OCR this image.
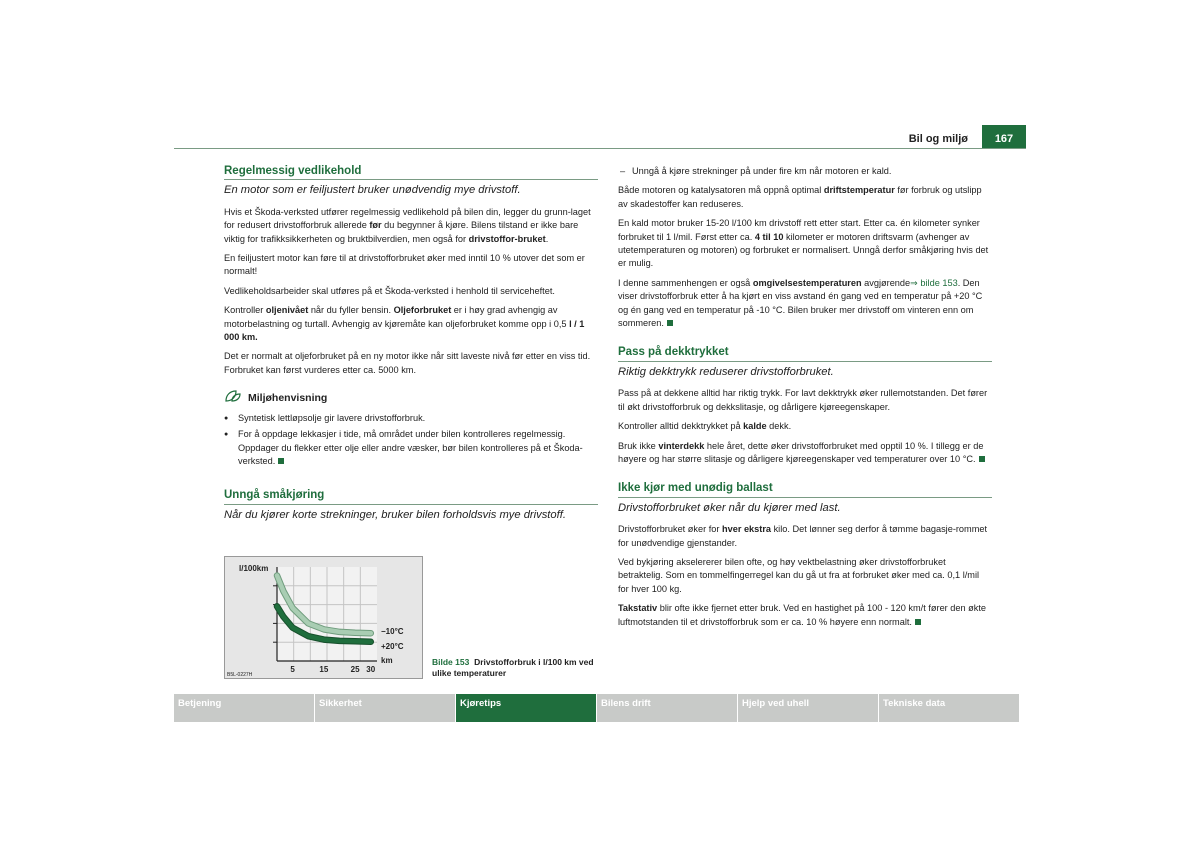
Bil og miljø	167
Regelmessig vedlikehold
En motor som er feiljustert bruker unødvendig mye drivstoff.

Hvis et Škoda-verksted utfører regelmessig vedlikehold på bilen din, legger du grunn-laget for redusert drivstofforbruk allerede før du begynner å kjøre. Bilens tilstand er ikke bare viktig for trafikksikkerheten og bruktbilverdien, men også for drivstoffor-bruket.

En feiljustert motor kan føre til at drivstofforbruket øker med inntil 10 % utover det som er normalt!

Vedlikeholdsarbeider skal utføres på et Škoda-verksted i henhold til serviceheftet.

Kontroller oljenivået når du fyller bensin. Oljeforbruket er i høy grad avhengig av motorbelastning og turtall. Avhengig av kjøremåte kan oljeforbruket komme opp i 0,5 l / 1 000 km.

Det er normalt at oljeforbruket på en ny motor ikke når sitt laveste nivå før etter en viss tid. Forbruket kan først vurderes etter ca. 5000 km.

Miljøhenvisning
● Syntetisk lettløpsolje gir lavere drivstofforbruk.
● For å oppdage lekkasjer i tide, må området under bilen kontrolleres regelmessig. Oppdager du flekker etter olje eller andre væsker, bør bilen kontrolleres på et Škoda-verksted.
Unngå småkjøring
Når du kjører korte strekninger, bruker bilen forholdsvis mye drivstoff.
−10°C
+20°C
l/100km
km
5	15	25 30
B5L-0227H
Bilde 153 Drivstofforbruk i l/100 km ved ulike temperaturer

– Unngå å kjøre strekninger på under fire km når motoren er kald.

Både motoren og katalysatoren må oppnå optimal driftstemperatur før forbruk og utslipp av skadestoffer kan reduseres.

En kald motor bruker 15-20 l/100 km drivstoff rett etter start. Etter ca. én kilometer synker forbruket til 1 l/mil. Først etter ca. 4 til 10 kilometer er motoren driftsvarm (avhenger av utetemperaturen og motoren) og forbruket er normalisert. Unngå derfor småkjøring hvis det er mulig.

I denne sammenhengen er også omgivelsestemperaturen avgjørende⇒ bilde 153. Den viser drivstofforbruk etter å ha kjørt en viss avstand én gang ved en temperatur på +20 °C og én gang ved en temperatur på -10 °C. Bilen bruker mer drivstoff om vinteren enn om sommeren.

Pass på dekktrykket
Riktig dekktrykk reduserer drivstofforbruket.

Pass på at dekkene alltid har riktig trykk. For lavt dekktrykk øker rullemotstanden. Det fører til økt drivstofforbruk og dekkslitasje, og dårligere kjøreegenskaper.

Kontroller alltid dekktrykket på kalde dekk.

Bruk ikke vinterdekk hele året, dette øker drivstofforbruket med opptil 10 %. I tillegg er de høyere og har større slitasje og dårligere kjøreegenskaper ved temperaturer over 10 °C.

Ikke kjør med unødig ballast
Drivstofforbruket øker når du kjører med last.

Drivstofforbruket øker for hver ekstra kilo. Det lønner seg derfor å tømme bagasje-rommet for unødvendige gjenstander.

Ved bykjøring akselererer bilen ofte, og høy vektbelastning øker drivstofforbruket betraktelig. Som en tommelfingerregel kan du gå ut fra at forbruket øker med ca. 0,1 l/mil for hver 100 kg.

Takstativ blir ofte ikke fjernet etter bruk. Ved en hastighet på 100 - 120 km/t fører den økte luftmotstanden til et drivstofforbruk som er ca. 10 % høyere enn normalt.

Betjening	Sikkerhet	Kjøretips	Bilens drift	Hjelp ved uhell	Tekniske data
